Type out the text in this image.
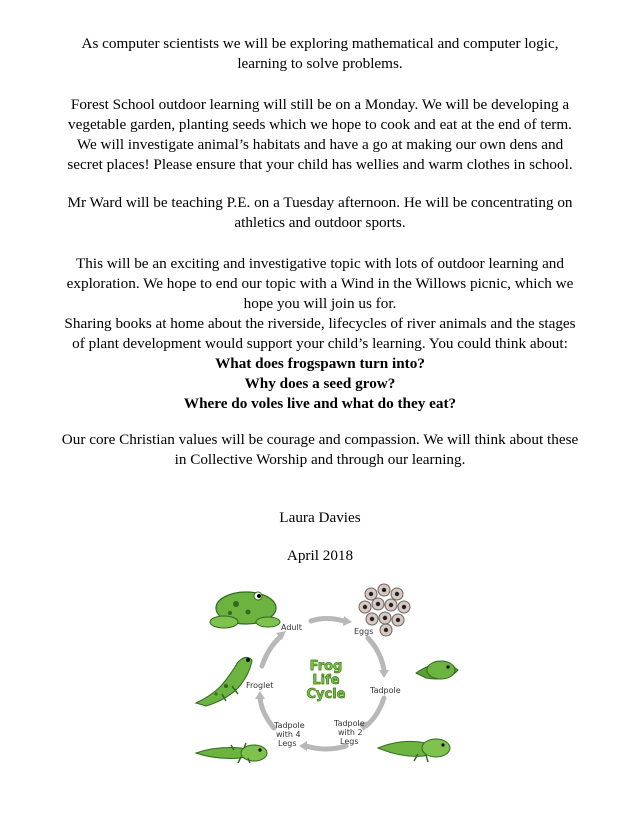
As computer scientists we will be exploring mathematical and computer logic,
learning to solve problems.
Forest School outdoor learning will still be on a Monday. We will be developing a
vegetable garden, planting seeds which we hope to cook and eat at the end of term.
We will investigate animal’s habitats and have a go at making our own dens and
secret places! Please ensure that your child has wellies and warm clothes in school.
Mr Ward will be teaching P.E. on a Tuesday afternoon. He will be concentrating on
athletics and outdoor sports.
This will be an exciting and investigative topic with lots of outdoor learning and
exploration. We hope to end our topic with a Wind in the Willows picnic, which we
hope you will join us for.
Sharing books at home about the riverside, lifecycles of river animals and the stages
of plant development would support your child’s learning. You could think about:
What does frogspawn turn into?
Why does a seed grow?
Where do voles live and what do they eat?
Our core Christian values will be courage and compassion. We will think about these
in Collective Worship and through our learning.
Laura Davies
April 2018
Frog
Life
Cycle
Adult	Eggs
Tadpole
Tadpole
with 2
Legs
Tadpole
with 4
Legs
Froglet
